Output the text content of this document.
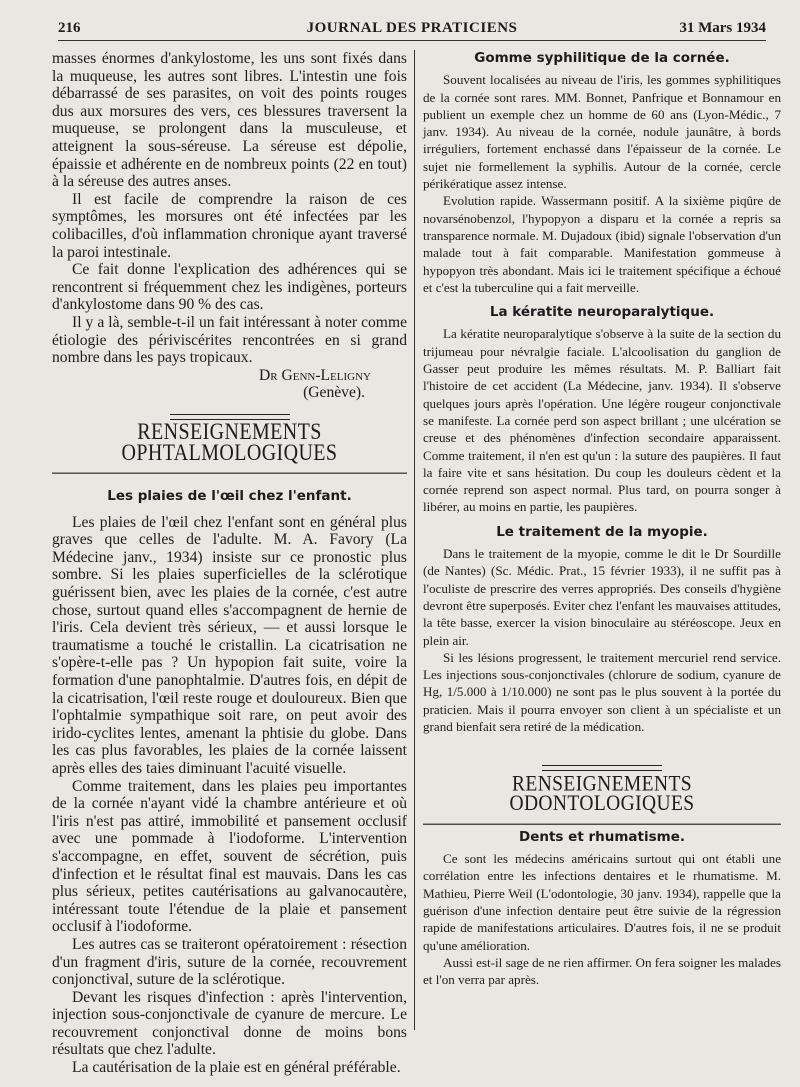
216	JOURNAL DES PRATICIENS	31 Mars 1934

masses énormes d'ankylostome, les uns sont fixés dans la muqueuse, les autres sont libres. L'intestin une fois débarrassé de ses parasites, on voit des points rouges dus aux morsures des vers, ces blessures traversent la muqueuse, se prolongent dans la musculeuse, et atteignent la sous-séreuse. La séreuse est dépolie, épaissie et adhérente en de nombreux points (22 en tout) à la séreuse des autres anses.

Il est facile de comprendre la raison de ces symptômes, les morsures ont été infectées par les colibacilles, d'où inflammation chronique ayant traversé la paroi intestinale.

Ce fait donne l'explication des adhérences qui se rencontrent si fréquemment chez les indigènes, porteurs d'ankylostome dans 90 % des cas.

Il y a là, semble-t-il un fait intéressant à noter comme étiologie des périviscérites rencontrées en si grand nombre dans les pays tropicaux.

Dr Genn-Leligny

(Genève).

RENSEIGNEMENTS OPHTALMOLOGIQUES
Les plaies de l'œil chez l'enfant.

Les plaies de l'œil chez l'enfant sont en général plus graves que celles de l'adulte. M. A. Favory (La Médecine janv., 1934) insiste sur ce pronostic plus sombre. Si les plaies superficielles de la sclérotique guérissent bien, avec les plaies de la cornée, c'est autre chose, surtout quand elles s'accompagnent de hernie de l'iris. Cela devient très sérieux, — et aussi lorsque le traumatisme a touché le cristallin. La cicatrisation ne s'opère-t-elle pas ? Un hypopion fait suite, voire la formation d'une panophtalmie. D'autres fois, en dépit de la cicatrisation, l'œil reste rouge et douloureux. Bien que l'ophtalmie sympathique soit rare, on peut avoir des irido-cyclites lentes, amenant la phtisie du globe. Dans les cas plus favorables, les plaies de la cornée laissent après elles des taies diminuant l'acuité visuelle.

Comme traitement, dans les plaies peu importantes de la cornée n'ayant vidé la chambre antérieure et où l'iris n'est pas attiré, immobilité et pansement occlusif avec une pommade à l'iodoforme. L'intervention s'accompagne, en effet, souvent de sécrétion, puis d'infection et le résultat final est mauvais. Dans les cas plus sérieux, petites cautérisations au galvanocautère, intéressant toute l'étendue de la plaie et pansement occlusif à l'iodoforme.

Les autres cas se traiteront opératoirement : résection d'un fragment d'iris, suture de la cornée, recouvrement conjonctival, suture de la sclérotique.

Devant les risques d'infection : après l'intervention, injection sous-conjonctivale de cyanure de mercure. Le recouvrement conjonctival donne de moins bons résultats que chez l'adulte.

La cautérisation de la plaie est en général préférable.

Gomme syphilitique de la cornée.

Souvent localisées au niveau de l'iris, les gommes syphilitiques de la cornée sont rares. MM. Bonnet, Panfrique et Bonnamour en publient un exemple chez un homme de 60 ans (Lyon-Médic., 7 janv. 1934). Au niveau de la cornée, nodule jaunâtre, à bords irréguliers, fortement enchassé dans l'épaisseur de la cornée. Le sujet nie formellement la syphilis. Autour de la cornée, cercle périkératique assez intense.

Evolution rapide. Wassermann positif. A la sixième piqûre de novarsénobenzol, l'hypopyon a disparu et la cornée a repris sa transparence normale. M. Dujadoux (ibid) signale l'observation d'un malade tout à fait comparable. Manifestation gommeuse à hypopyon très abondant. Mais ici le traitement spécifique a échoué et c'est la tuberculine qui a fait merveille.

La kératite neuroparalytique.

La kératite neuroparalytique s'observe à la suite de la section du trijumeau pour névralgie faciale. L'alcoolisation du ganglion de Gasser peut produire les mêmes résultats. M. P. Balliart fait l'histoire de cet accident (La Médecine, janv. 1934). Il s'observe quelques jours après l'opération. Une légère rougeur conjonctivale se manifeste. La cornée perd son aspect brillant ; une ulcération se creuse et des phénomènes d'infection secondaire apparaissent. Comme traitement, il n'en est qu'un : la suture des paupières. Il faut la faire vite et sans hésitation. Du coup les douleurs cèdent et la cornée reprend son aspect normal. Plus tard, on pourra songer à libérer, au moins en partie, les paupières.

Le traitement de la myopie.

Dans le traitement de la myopie, comme le dit le Dr Sourdille (de Nantes) (Sc. Médic. Prat., 15 février 1933), il ne suffit pas à l'oculiste de prescrire des verres appropriés. Des conseils d'hygiène devront être superposés. Eviter chez l'enfant les mauvaises attitudes, la tête basse, exercer la vision binoculaire au stéréoscope. Jeux en plein air.

Si les lésions progressent, le traitement mercuriel rend service. Les injections sous-conjonctivales (chlorure de sodium, cyanure de Hg, 1/5.000 à 1/10.000) ne sont pas le plus souvent à la portée du praticien. Mais il pourra envoyer son client à un spécialiste et un grand bienfait sera retiré de la médication.

RENSEIGNEMENTS ODONTOLOGIQUES
Dents et rhumatisme.

Ce sont les médecins américains surtout qui ont établi une corrélation entre les infections dentaires et le rhumatisme. M. Mathieu, Pierre Weil (L'odontologie, 30 janv. 1934), rappelle que la guérison d'une infection dentaire peut être suivie de la régression rapide de manifestations articulaires. D'autres fois, il ne se produit qu'une amélioration.

Aussi est-il sage de ne rien affirmer. On fera soigner les malades et l'on verra par après.
